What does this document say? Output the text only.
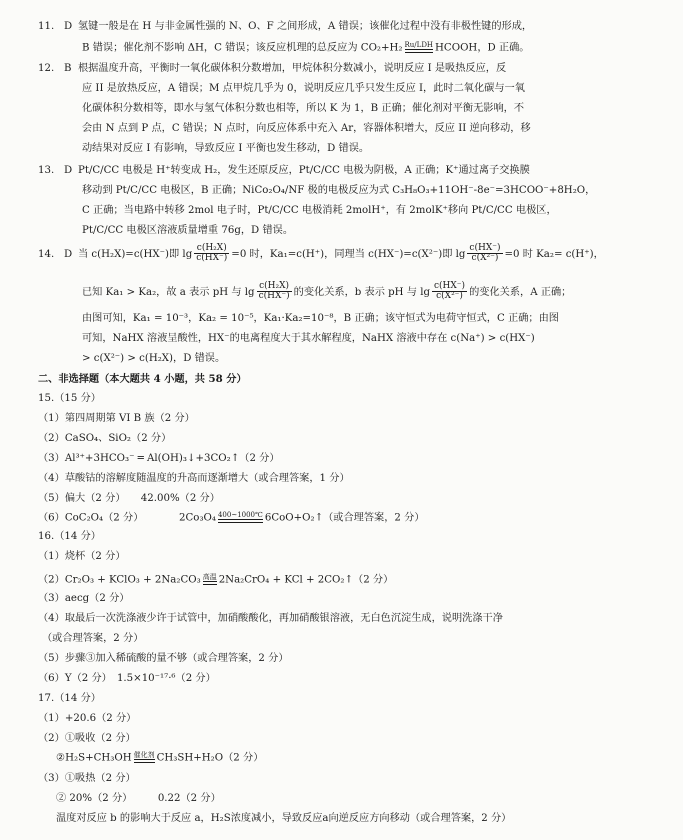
11. D 氢键一般是在 H 与非金属性强的 N、O、F 之间形成，A 错误；该催化过程中没有非极性键的形成，
B 错误；催化剂不影响 ΔH，C 错误；该反应机理的总反应为 CO₂+H₂ Ru/LDH HCOOH，D 正确。
12. B 根据温度升高，平衡时一氧化碳体积分数增加，甲烷体积分数减小，说明反应 I 是吸热反应，反
应 II 是放热反应，A 错误；M 点甲烷几乎为 0，说明反应几乎只发生反应 I，此时二氧化碳与一氧
化碳体积分数相等，即水与氢气体积分数也相等，所以 K 为 1，B 正确；催化剂对平衡无影响，不
会由 N 点到 P 点，C 错误；N 点时，向反应体系中充入 Ar，容器体积增大，反应 II 逆向移动，移
动结果对反应 I 有影响，导致反应 I 平衡也发生移动，D 错误。
13. D Pt/C/CC 电极是 H⁺转变成 H₂，发生还原反应，Pt/C/CC 电极为阴极，A 正确；K⁺通过离子交换膜
移动到 Pt/C/CC 电极区，B 正确；NiCo₂O₄/NF 极的电极反应为式 C₃H₈O₃+11OH⁻-8e⁻=3HCOO⁻+8H₂O，
C 正确；当电路中转移 2mol 电子时，Pt/C/CC 电极消耗 2molH⁺，有 2molK⁺移向 Pt/C/CC 电极区，
Pt/C/CC 电极区溶液质量增重 76g，D 错误。
14. D 当 c(H₂X)=c(HX⁻)即 $\lg \frac{\text{c(H₂X)}}{c(HX^-)} =0$ 时，Ka₁=c(H⁺)，同理当 c(HX⁻)=c(X²⁻)即 $\lg \frac{c(HX^-)}{\text{c(X²⁻)}} =0$ 时 Ka₂= c(H⁺)，
已知 Ka₁ > Ka₂，故 a 表示 pH 与 $\lg \frac{\text{c(H₂X)}}{c(HX^-)}$ 的变化关系，b 表示 pH 与 $\lg \frac{c(HX^-)}{\text{c(X²⁻)}}$ 的变化关系，A 正确；
由图可知，Ka₁ = 10⁻³，Ka₂ = 10⁻⁵，Ka₁·Ka₂=10⁻⁸，B 正确；该守恒式为电荷守恒式，C 正确；由图
可知，NaHX 溶液呈酸性，HX⁻的电离程度大于其水解程度，NaHX 溶液中存在 c(Na⁺) > c(HX⁻)
> c(X²⁻) > c(H₂X)，D 错误。
二、非选择题（本大题共 4 小题，共 58 分）
15.（15 分）
（1）第四周期第 VI B 族（2 分）
（2）CaSO₄、SiO₂（2 分）
（3）Al³⁺+3HCO₃⁻ ═ Al(OH)₃↓+3CO₂↑（2 分）
（4）草酸钴的溶解度随温度的升高而逐渐增大（或合理答案，1 分）
（5）偏大（2 分）　　42.00%（2 分）
（6）CoC₂O₄（2 分）　　　　2Co₃O₄ 400~1000℃ 6CoO+O₂↑（或合理答案，2 分）
16.（14 分）
（1）烧杯（2 分）
（2）Cr₂O₃ + KClO₃ + 2Na₂CO₃ 高温 2Na₂CrO₄ + KCl + 2CO₂↑（2 分）
（3）aecg（2 分）
（4）取最后一次洗涤液少许于试管中，加硝酸酸化，再加硝酸银溶液，无白色沉淀生成，说明洗涤干净
（或合理答案，2 分）
（5）步骤③加入稀硫酸的量不够（或合理答案，2 分）
（6）Y（2 分）　1.5×10⁻¹⁷·⁶（2 分）
17.（14 分）
（1）+20.6（2 分）
（2）①吸收（2 分）
②H₂S+CH₃OH 催化剂 CH₃SH+H₂O（2 分）
（3）①吸热（2 分）
② 20%（2 分）　　　0.22（2 分）
温度对反应 b 的影响大于反应 a，H₂S浓度减小，导致反应a向逆反应方向移动（或合理答案，2 分）
